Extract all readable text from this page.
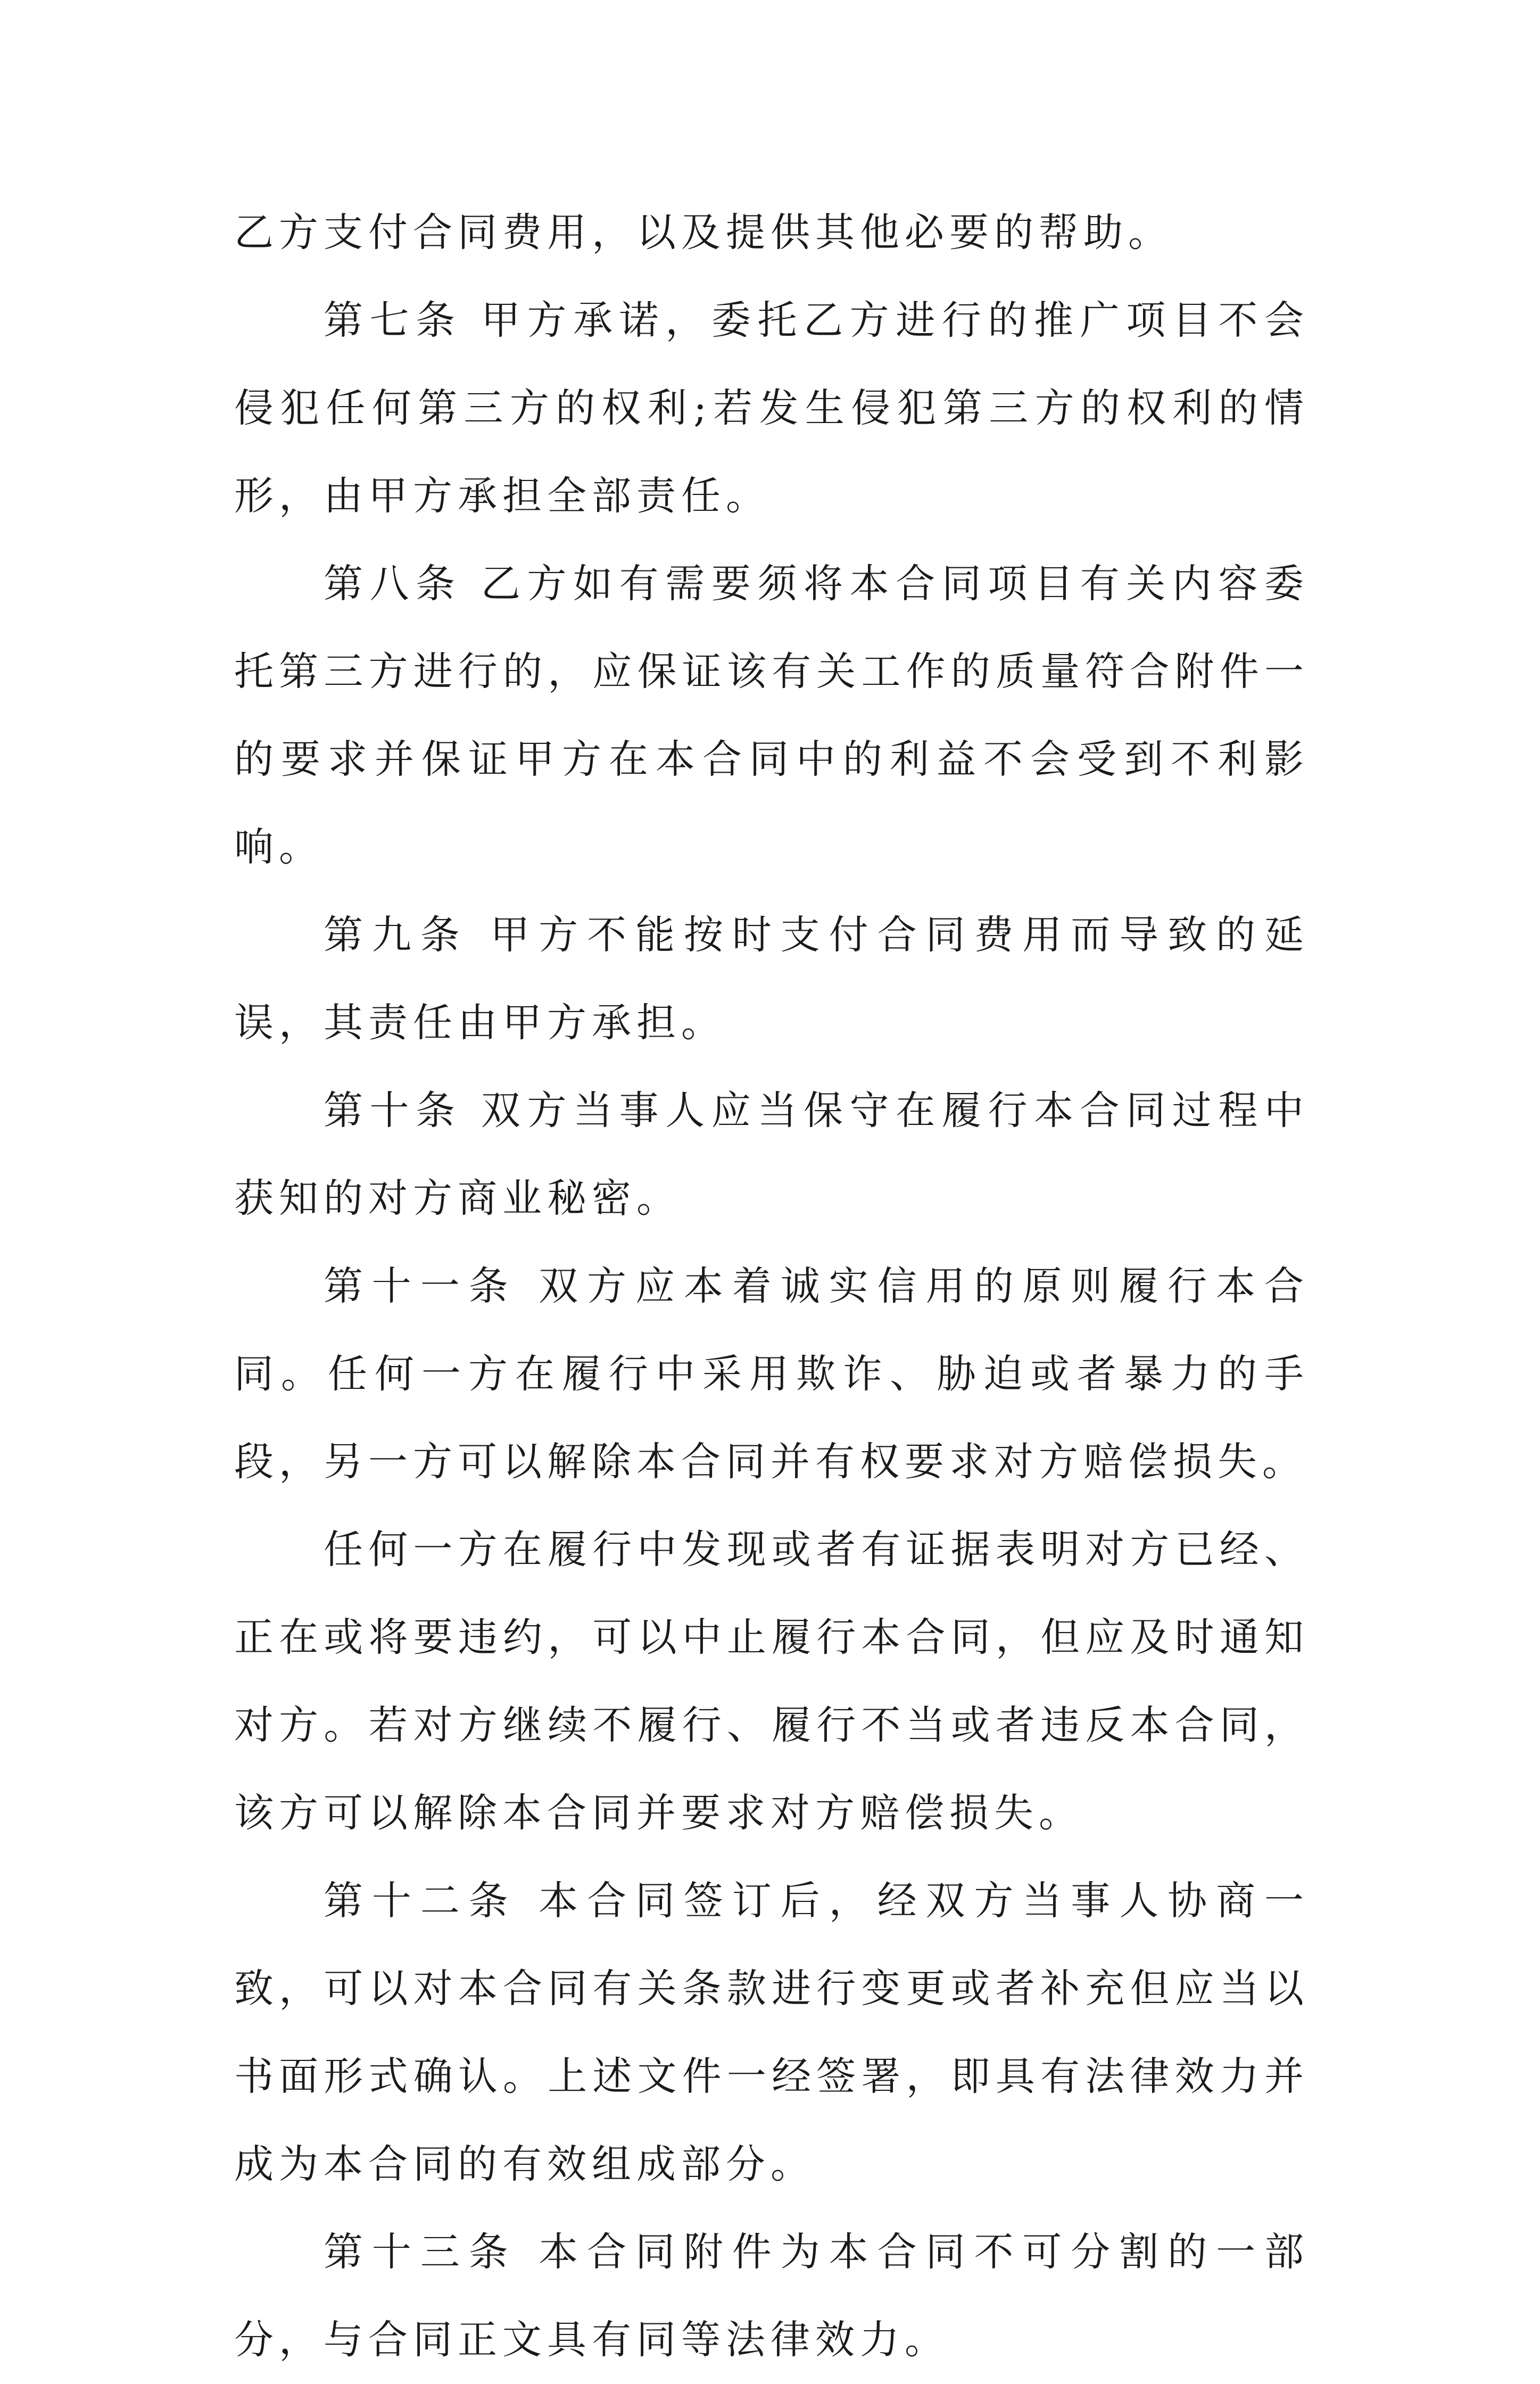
乙方支付合同费用，以及提供其他必要的帮助。

第七条 甲方承诺，委托乙方进行的推广项目不会侵犯任何第三方的权利;若发生侵犯第三方的权利的情形，由甲方承担全部责任。

第八条 乙方如有需要须将本合同项目有关内容委托第三方进行的，应保证该有关工作的质量符合附件一的要求并保证甲方在本合同中的利益不会受到不利影响。

第九条 甲方不能按时支付合同费用而导致的延误，其责任由甲方承担。

第十条 双方当事人应当保守在履行本合同过程中获知的对方商业秘密。

第十一条 双方应本着诚实信用的原则履行本合同。任何一方在履行中采用欺诈、胁迫或者暴力的手段，另一方可以解除本合同并有权要求对方赔偿损失。

任何一方在履行中发现或者有证据表明对方已经、正在或将要违约，可以中止履行本合同，但应及时通知对方。若对方继续不履行、履行不当或者违反本合同，该方可以解除本合同并要求对方赔偿损失。

第十二条 本合同签订后，经双方当事人协商一致，可以对本合同有关条款进行变更或者补充但应当以书面形式确认。上述文件一经签署，即具有法律效力并成为本合同的有效组成部分。

第十三条 本合同附件为本合同不可分割的一部分，与合同正文具有同等法律效力。
